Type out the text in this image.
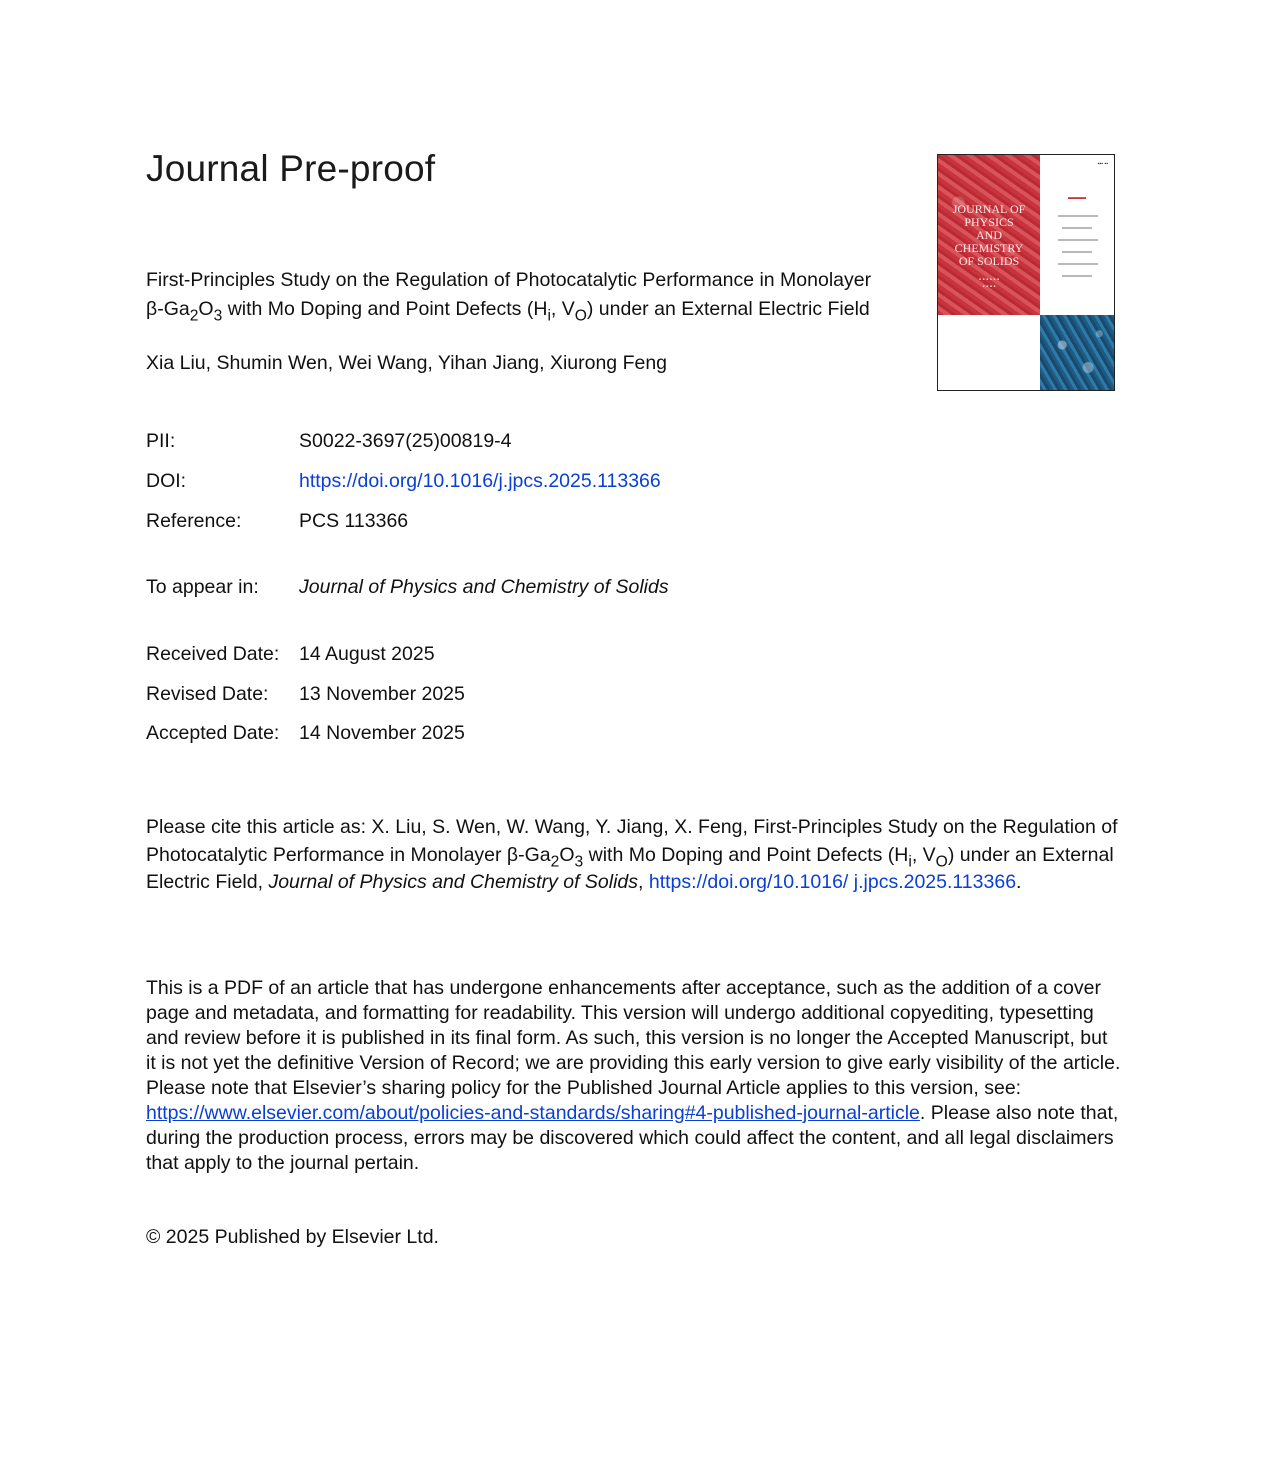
Journal Pre-proof
JOURNAL OF
PHYSICS
AND
CHEMISTRY
OF SOLIDS
▪ ▪ ▪ ▪ ▪ ▪
▪ ▪ ▪ ▪
▪▪▪ ▪▪
▬▬▬
First-Principles Study on the Regulation of Photocatalytic Performance in Monolayer
$\beta-Ga_2O_3$ with Mo Doping and Point Defects ($H_i$, $V_O$) under an External Electric Field
Xia Liu, Shumin Wen, Wei Wang, Yihan Jiang, Xiurong Feng
PII:	S0022-3697(25)00819-4
DOI:	https://doi.org/10.1016/j.jpcs.2025.113366
Reference:	PCS 113366
To appear in: Journal of Physics and Chemistry of Solids
Received Date: 14 August 2025
Revised Date: 13 November 2025
Accepted Date: 14 November 2025
Please cite this article as: X. Liu, S. Wen, W. Wang, Y. Jiang, X. Feng, First-Principles Study on the Regulation of Photocatalytic Performance in Monolayer $\beta-Ga_2O_3$ with Mo Doping and Point Defects ($H_i$, $V_O$) under an External Electric Field, Journal of Physics and Chemistry of Solids, https://doi.org/10.1016/ j.jpcs.2025.113366.
This is a PDF of an article that has undergone enhancements after acceptance, such as the addition of a cover page and metadata, and formatting for readability. This version will undergo additional copyediting, typesetting and review before it is published in its final form. As such, this version is no longer the Accepted Manuscript, but it is not yet the definitive Version of Record; we are providing this early version to give early visibility of the article. Please note that Elsevier’s sharing policy for the Published Journal Article applies to this version, see: https://www.elsevier.com/about/policies-and-standards/sharing#4-published-journal-article. Please also note that, during the production process, errors may be discovered which could affect the content, and all legal disclaimers that apply to the journal pertain.
© 2025 Published by Elsevier Ltd.
